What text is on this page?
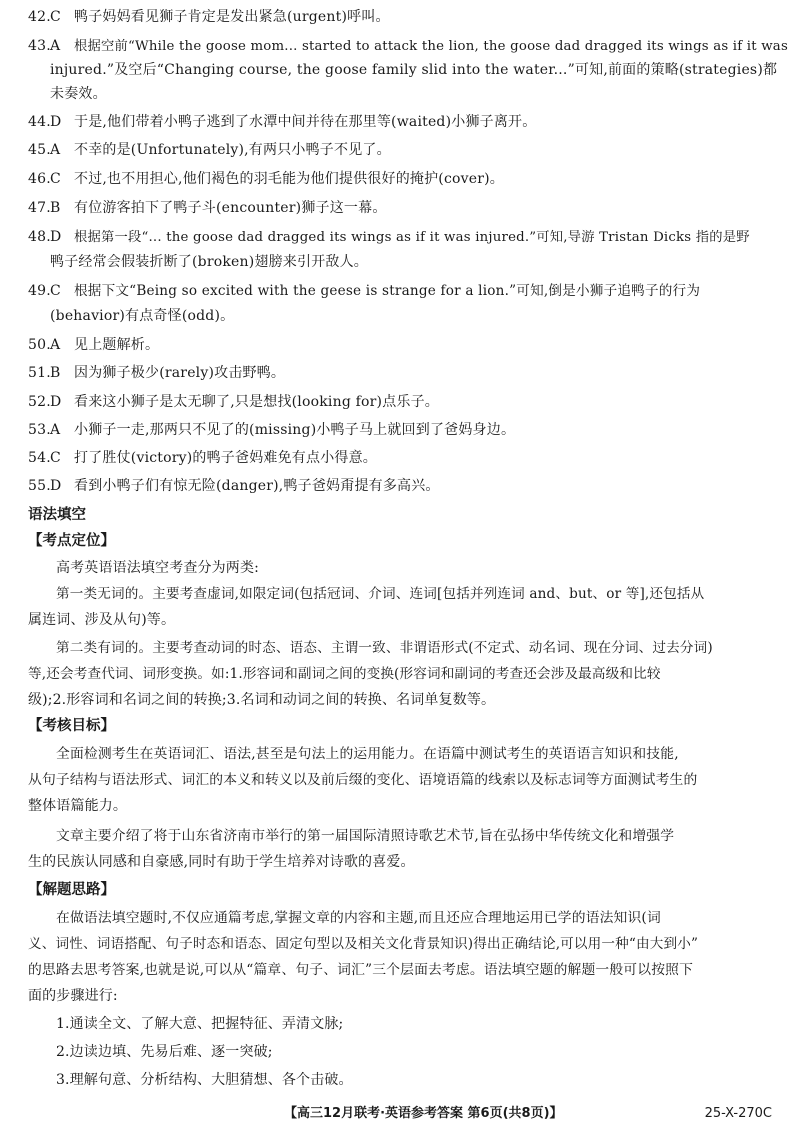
42.C 鸭子妈妈看见狮子肯定是发出紧急(urgent)呼叫。
43.A 根据空前“While the goose mom... started to attack the lion, the goose dad dragged its wings as if it was
injured.”及空后“Changing course, the goose family slid into the water...”可知,前面的策略(strategies)都
未奏效。
44.D 于是,他们带着小鸭子逃到了水潭中间并待在那里等(waited)小狮子离开。
45.A 不幸的是(Unfortunately),有两只小鸭子不见了。
46.C 不过,也不用担心,他们褐色的羽毛能为他们提供很好的掩护(cover)。
47.B 有位游客拍下了鸭子斗(encounter)狮子这一幕。
48.D 根据第一段“... the goose dad dragged its wings as if it was injured.”可知,导游 Tristan Dicks 指的是野
鸭子经常会假装折断了(broken)翅膀来引开敌人。
49.C 根据下文“Being so excited with the geese is strange for a lion.”可知,倒是小狮子追鸭子的行为
(behavior)有点奇怪(odd)。
50.A 见上题解析。
51.B 因为狮子极少(rarely)攻击野鸭。
52.D 看来这小狮子是太无聊了,只是想找(looking for)点乐子。
53.A 小狮子一走,那两只不见了的(missing)小鸭子马上就回到了爸妈身边。
54.C 打了胜仗(victory)的鸭子爸妈难免有点小得意。
55.D 看到小鸭子们有惊无险(danger),鸭子爸妈甭提有多高兴。
语法填空
【考点定位】
高考英语语法填空考查分为两类:
第一类无词的。主要考查虚词,如限定词(包括冠词、介词、连词[包括并列连词 and、but、or 等],还包括从
属连词、涉及从句)等。
第二类有词的。主要考查动词的时态、语态、主谓一致、非谓语形式(不定式、动名词、现在分词、过去分词)
等,还会考查代词、词形变换。如:1.形容词和副词之间的变换(形容词和副词的考查还会涉及最高级和比较
级);2.形容词和名词之间的转换;3.名词和动词之间的转换、名词单复数等。
【考核目标】
全面检测考生在英语词汇、语法,甚至是句法上的运用能力。在语篇中测试考生的英语语言知识和技能,
从句子结构与语法形式、词汇的本义和转义以及前后缀的变化、语境语篇的线索以及标志词等方面测试考生的
整体语篇能力。
文章主要介绍了将于山东省济南市举行的第一届国际清照诗歌艺术节,旨在弘扬中华传统文化和增强学
生的民族认同感和自豪感,同时有助于学生培养对诗歌的喜爱。
【解题思路】
在做语法填空题时,不仅应通篇考虑,掌握文章的内容和主题,而且还应合理地运用已学的语法知识(词
义、词性、词语搭配、句子时态和语态、固定句型以及相关文化背景知识)得出正确结论,可以用一种“由大到小”
的思路去思考答案,也就是说,可以从“篇章、句子、词汇”三个层面去考虑。语法填空题的解题一般可以按照下
面的步骤进行:
1.通读全文、了解大意、把握特征、弄清文脉;
2.边读边填、先易后难、逐一突破;
3.理解句意、分析结构、大胆猜想、各个击破。
【高三12月联考·英语参考答案 第6页(共8页)】	25-X-270C
